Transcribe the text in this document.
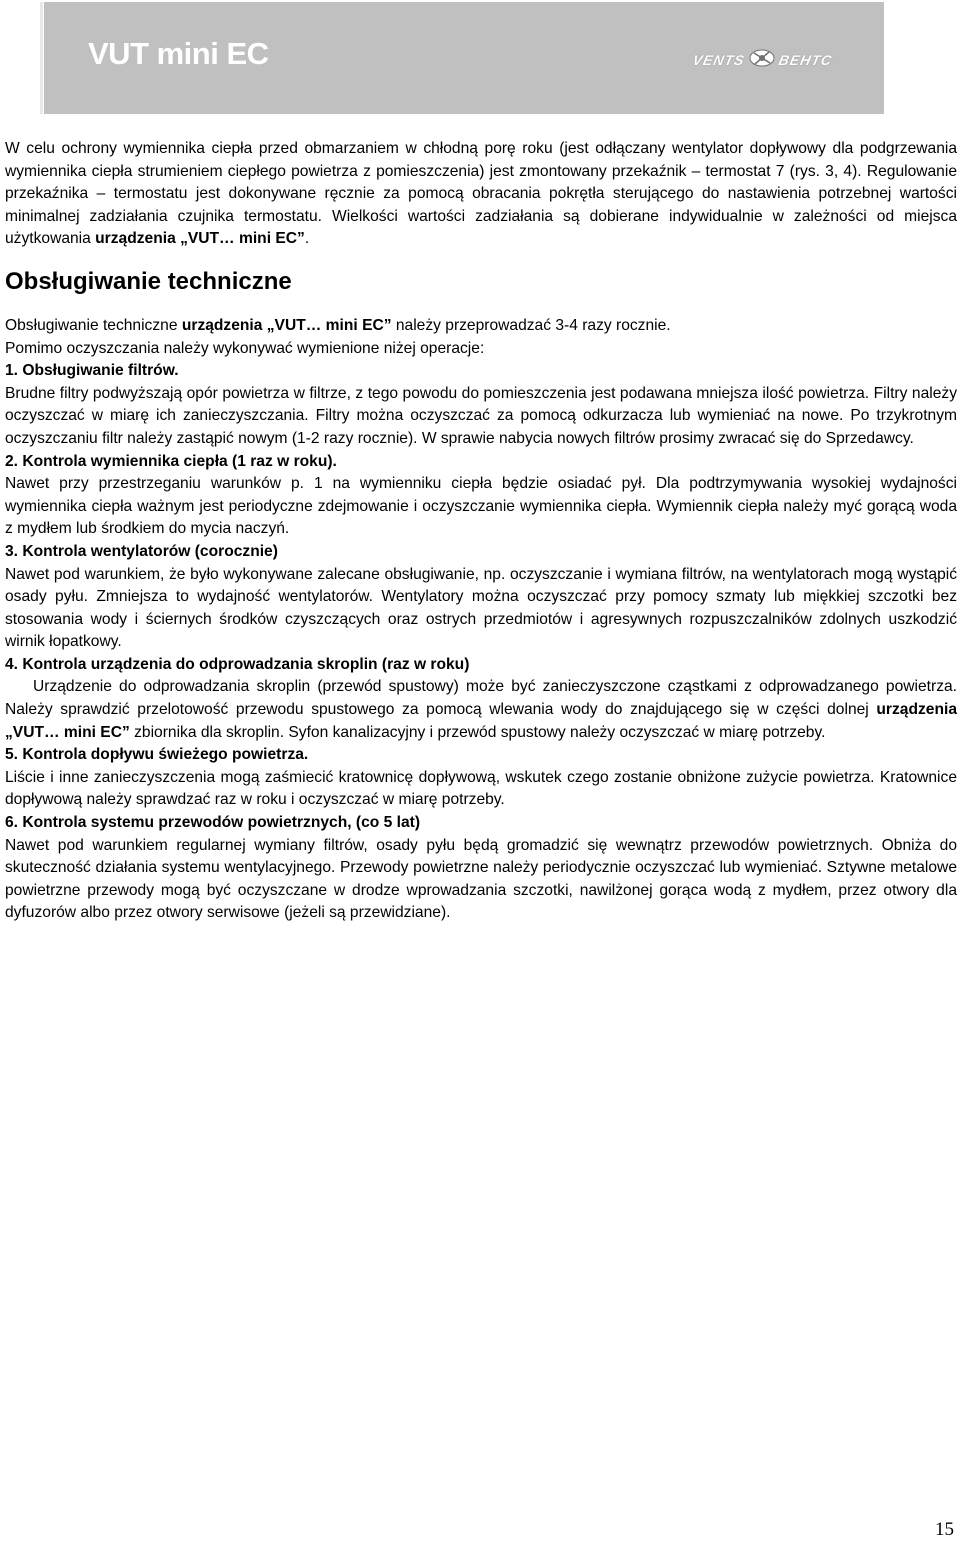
VUT mini EC	VENTS ВЕНТС

W celu ochrony wymiennika ciepła przed obmarzaniem w chłodną porę roku (jest odłączany wentylator dopływowy dla podgrzewania wymiennika ciepła strumieniem ciepłego powietrza z pomieszczenia) jest zmontowany przekaźnik – termostat 7 (rys. 3, 4). Regulowanie przekaźnika – termostatu jest dokonywane ręcznie za pomocą obracania pokrętła sterującego do nastawienia potrzebnej wartości minimalnej zadziałania czujnika termostatu. Wielkości wartości zadziałania są dobierane indywidualnie w zależności od miejsca użytkowania urządzenia „VUT… mini EC”.

Obsługiwanie techniczne

Obsługiwanie techniczne urządzenia „VUT… mini EC” należy przeprowadzać 3-4 razy rocznie.

Pomimo oczyszczania należy wykonywać wymienione niżej operacje:

1. Obsługiwanie filtrów.

Brudne filtry podwyższają opór powietrza w filtrze, z tego powodu do pomieszczenia jest podawana mniejsza ilość powietrza. Filtry należy oczyszczać w miarę ich zanieczyszczania. Filtry można oczyszczać za pomocą odkurzacza lub wymieniać na nowe. Po trzykrotnym oczyszczaniu filtr należy zastąpić nowym (1-2 razy rocznie). W sprawie nabycia nowych filtrów prosimy zwracać się do Sprzedawcy.

2. Kontrola wymiennika ciepła (1 raz w roku).

Nawet przy przestrzeganiu warunków p. 1 na wymienniku ciepła będzie osiadać pył. Dla podtrzymywania wysokiej wydajności wymiennika ciepła ważnym jest periodyczne zdejmowanie i oczyszczanie wymiennika ciepła. Wymiennik ciepła należy myć gorącą woda z mydłem lub środkiem do mycia naczyń.

3. Kontrola wentylatorów (corocznie)

Nawet pod warunkiem, że było wykonywane zalecane obsługiwanie, np. oczyszczanie i wymiana filtrów, na wentylatorach mogą wystąpić osady pyłu. Zmniejsza to wydajność wentylatorów. Wentylatory można oczyszczać przy pomocy szmaty lub miękkiej szczotki bez stosowania wody i ściernych środków czyszczących oraz ostrych przedmiotów i agresywnych rozpuszczalników zdolnych uszkodzić wirnik łopatkowy.

4. Kontrola urządzenia do odprowadzania skroplin (raz w roku)

Urządzenie do odprowadzania skroplin (przewód spustowy) może być zanieczyszczone cząstkami z odprowadzanego powietrza. Należy sprawdzić przelotowość przewodu spustowego za pomocą wlewania wody do znajdującego się w części dolnej urządzenia „VUT… mini EC” zbiornika dla skroplin. Syfon kanalizacyjny i przewód spustowy należy oczyszczać w miarę potrzeby.

5. Kontrola dopływu świeżego powietrza.

Liście i inne zanieczyszczenia mogą zaśmiecić kratownicę dopływową, wskutek czego zostanie obniżone zużycie powietrza. Kratownice dopływową należy sprawdzać raz w roku i oczyszczać w miarę potrzeby.

6. Kontrola systemu przewodów powietrznych, (co 5 lat)

Nawet pod warunkiem regularnej wymiany filtrów, osady pyłu będą gromadzić się wewnątrz przewodów powietrznych. Obniża do skuteczność działania systemu wentylacyjnego. Przewody powietrzne należy periodycznie oczyszczać lub wymieniać. Sztywne metalowe powietrzne przewody mogą być oczyszczane w drodze wprowadzania szczotki, nawilżonej gorąca wodą z mydłem, przez otwory dla dyfuzorów albo przez otwory serwisowe (jeżeli są przewidziane).

15
